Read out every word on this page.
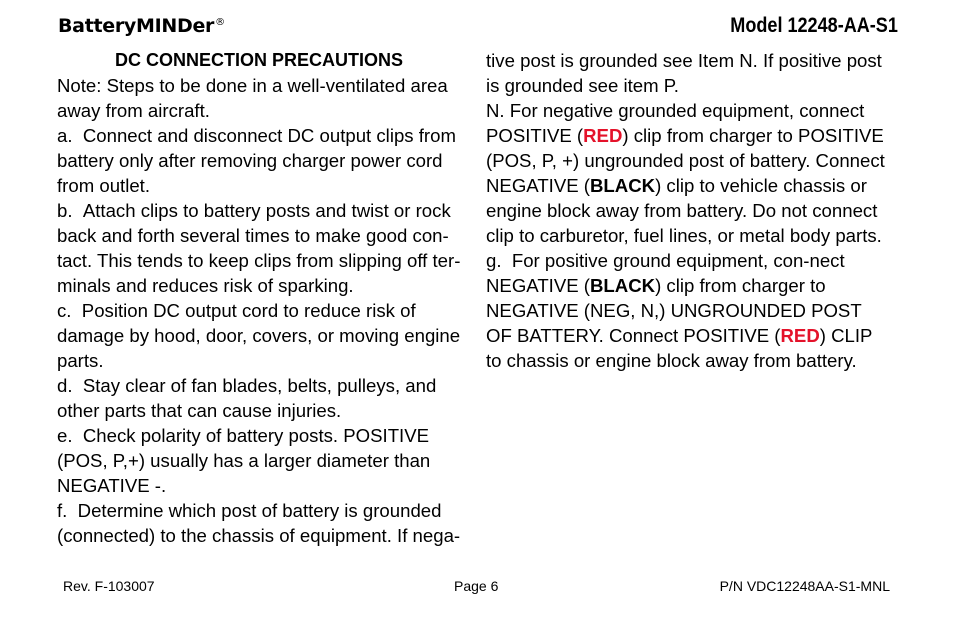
BatteryMINDer®	Model 12248-AA-S1

DC CONNECTION PRECAUTIONS

Note: Steps to be done in a well-ventilated area away from aircraft.

a.  Connect and disconnect DC output clips from battery only after removing charger power cord from outlet.

b.  Attach clips to battery posts and twist or rock back and forth several times to make good con-tact. This tends to keep clips from slipping off ter-minals and reduces risk of sparking.

c.  Position DC output cord to reduce risk of damage by hood, door, covers, or moving engine parts.

d.  Stay clear of fan blades, belts, pulleys, and other parts that can cause injuries.

e.  Check polarity of battery posts. POSITIVE (POS, P,+) usually has a larger diameter than NEGATIVE -.

f.  Determine which post of battery is grounded (connected) to the chassis of equipment. If nega-

tive post is grounded see Item N. If positive post is grounded see item P.

N. For negative grounded equipment, connect POSITIVE (RED) clip from charger to POSITIVE (POS, P, +) ungrounded post of battery. Connect NEGATIVE (BLACK) clip to vehicle chassis or engine block away from battery. Do not connect clip to carburetor, fuel lines, or metal body parts.

g.  For positive ground equipment, con-nect NEGATIVE (BLACK) clip from charger to NEGATIVE (NEG, N,) UNGROUNDED POST OF BATTERY. Connect POSITIVE (RED) CLIP to chassis or engine block away from battery.

Rev. F-103007	Page 6	P/N VDC12248AA-S1-MNL
